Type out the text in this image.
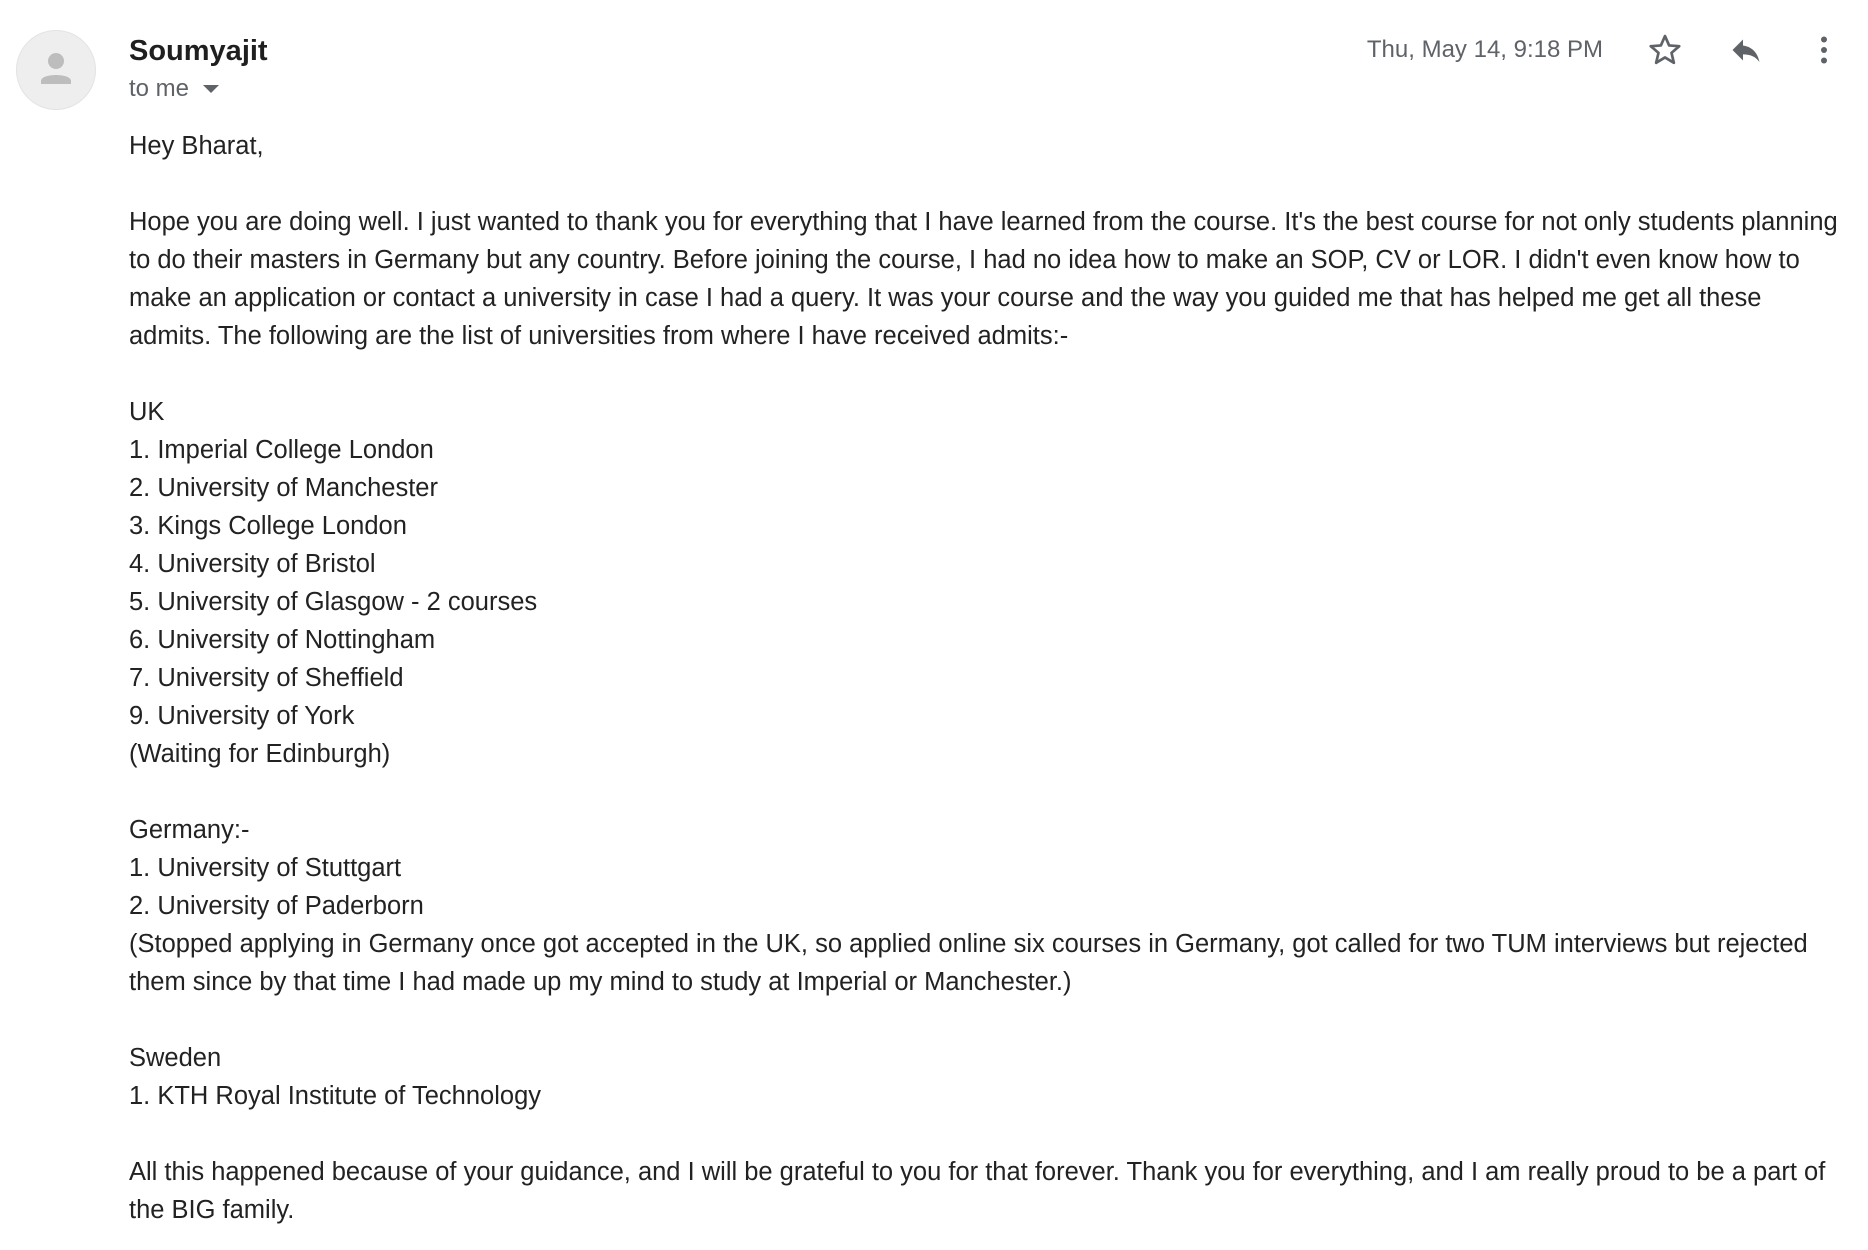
Soumyajit
to me
Thu, May 14, 9:18 PM

Hey Bharat,

Hope you are doing well. I just wanted to thank you for everything that I have learned from the course. It's the best course for not only students planning to do their masters in Germany but any country. Before joining the course, I had no idea how to make an SOP, CV or LOR. I didn't even know how to make an application or contact a university in case I had a query. It was your course and the way you guided me that has helped me get all these admits. The following are the list of universities from where I have received admits:-

UK

1. Imperial College London

2. University of Manchester

3. Kings College London

4. University of Bristol

5. University of Glasgow - 2 courses

6. University of Nottingham

7. University of Sheffield

9. University of York

(Waiting for Edinburgh)

Germany:-

1. University of Stuttgart

2. University of Paderborn

(Stopped applying in Germany once got accepted in the UK, so applied online six courses in Germany, got called for two TUM interviews but rejected them since by that time I had made up my mind to study at Imperial or Manchester.)

Sweden

1. KTH Royal Institute of Technology

All this happened because of your guidance, and I will be grateful to you for that forever. Thank you for everything, and I am really proud to be a part of the BIG family.
